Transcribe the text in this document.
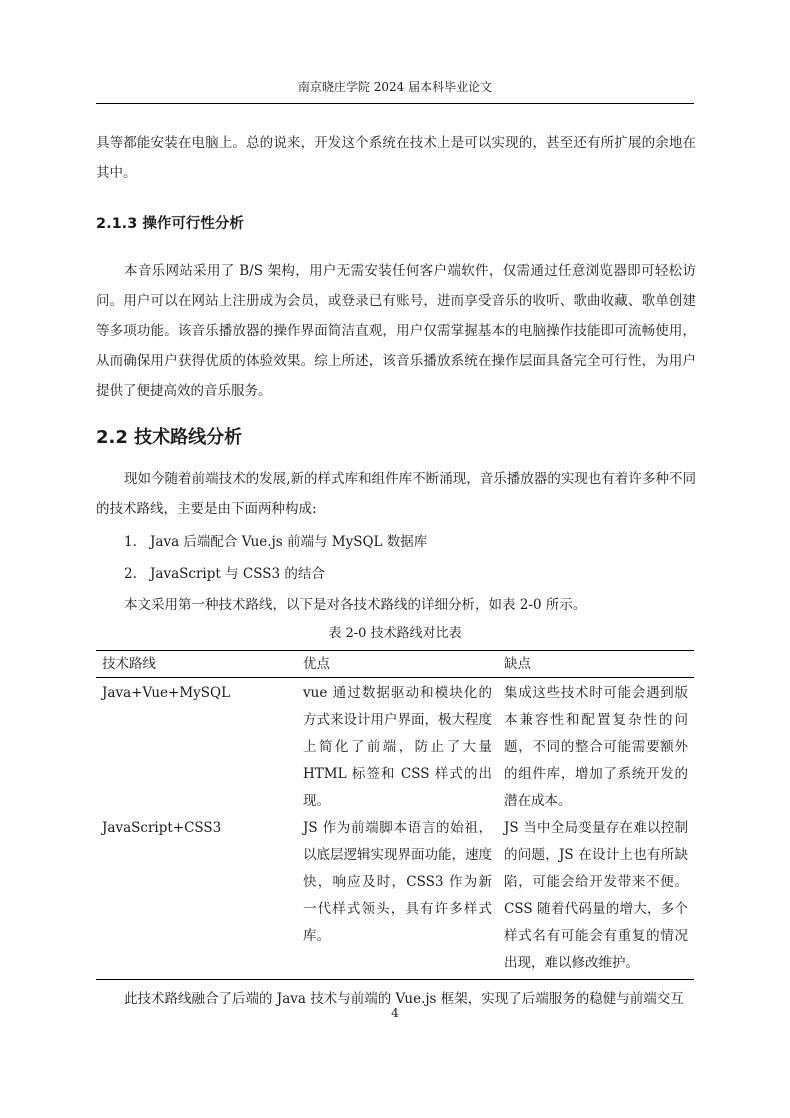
南京晓庄学院 2024 届本科毕业论文

具等都能安装在电脑上。总的说来，开发这个系统在技术上是可以实现的，甚至还有所扩展的余地在其中。

2.1.3 操作可行性分析

本音乐网站采用了 B/S 架构，用户无需安装任何客户端软件，仅需通过任意浏览器即可轻松访问。用户可以在网站上注册成为会员，或登录已有账号，进而享受音乐的收听、歌曲收藏、歌单创建等多项功能。该音乐播放器的操作界面简洁直观，用户仅需掌握基本的电脑操作技能即可流畅使用，从而确保用户获得优质的体验效果。综上所述，该音乐播放系统在操作层面具备完全可行性，为用户提供了便捷高效的音乐服务。

2.2 技术路线分析

现如今随着前端技术的发展,新的样式库和组件库不断涌现，音乐播放器的实现也有着许多种不同的技术路线，主要是由下面两种构成:

1. Java 后端配合 Vue.js 前端与 MySQL 数据库

2. JavaScript 与 CSS3 的结合

本文采用第一种技术路线，以下是对各技术路线的详细分析，如表 2-0 所示。

表 2-0 技术路线对比表

技术路线	优点	缺点
Java+Vue+MySQL	vue 通过数据驱动和模块化的方式来设计用户界面，极大程度上简化了前端，防止了大量 HTML 标签和 CSS 样式的出现。	集成这些技术时可能会遇到版本兼容性和配置复杂性的问题，不同的整合可能需要额外的组件库，增加了系统开发的潜在成本。
JavaScript+CSS3	JS 作为前端脚本语言的始祖，以底层逻辑实现界面功能，速度快，响应及时，CSS3 作为新一代样式领头，具有许多样式库。	JS 当中全局变量存在难以控制的问题，JS 在设计上也有所缺陷，可能会给开发带来不便。CSS 随着代码量的增大，多个样式名有可能会有重复的情况出现，难以修改维护。

此技术路线融合了后端的 Java 技术与前端的 Vue.js 框架，实现了后端服务的稳健与前端交互

4
